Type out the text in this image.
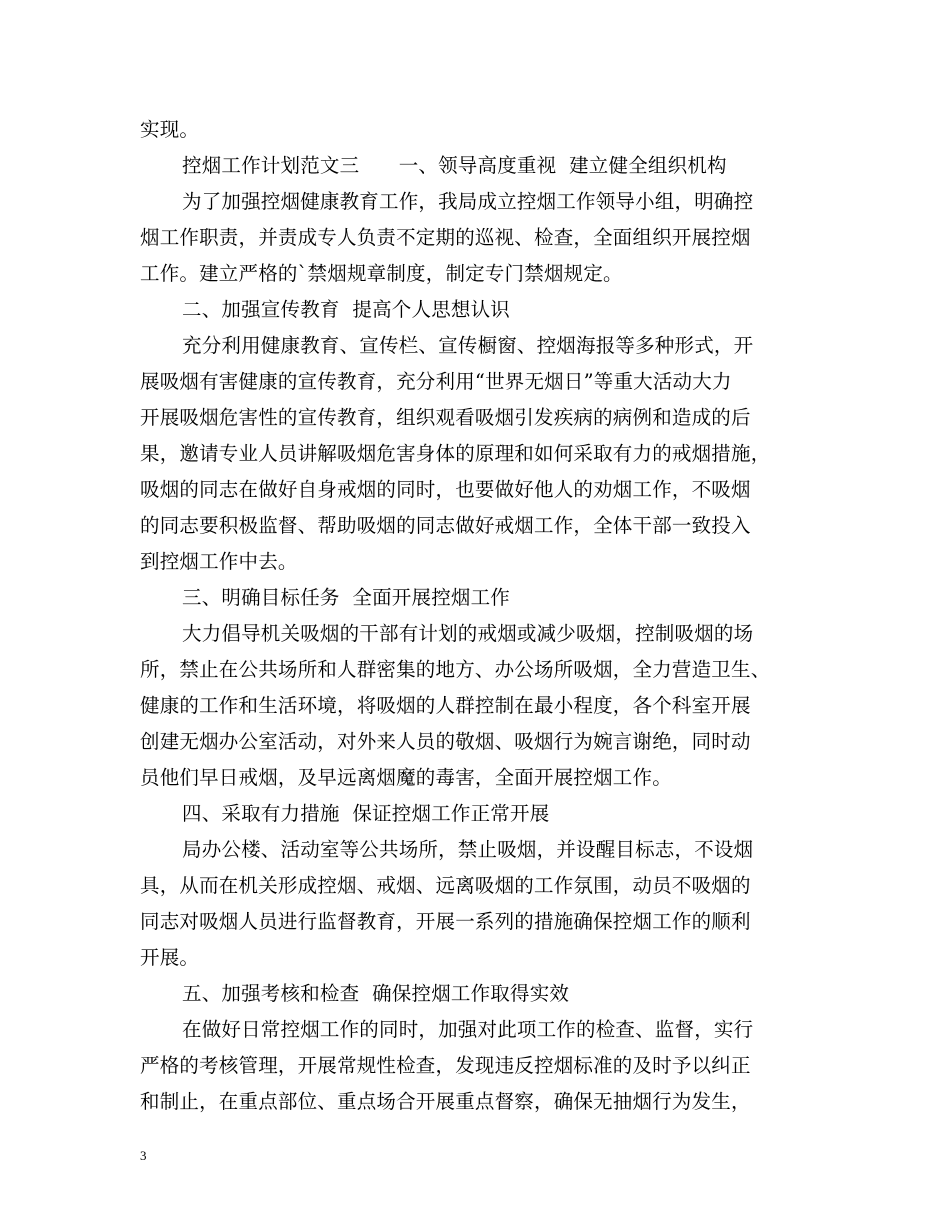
实现。
控烟工作计划范文三　　一、领导高度重视  建立健全组织机构
为了加强控烟健康教育工作，我局成立控烟工作领导小组，明确控
烟工作职责，并责成专人负责不定期的巡视、检查，全面组织开展控烟
工作。建立严格的`禁烟规章制度，制定专门禁烟规定。
二、加强宣传教育  提高个人思想认识
充分利用健康教育、宣传栏、宣传橱窗、控烟海报等多种形式，开
展吸烟有害健康的宣传教育，充分利用“世界无烟日”等重大活动大力
开展吸烟危害性的宣传教育，组织观看吸烟引发疾病的病例和造成的后
果，邀请专业人员讲解吸烟危害身体的原理和如何采取有力的戒烟措施，
吸烟的同志在做好自身戒烟的同时，也要做好他人的劝烟工作，不吸烟
的同志要积极监督、帮助吸烟的同志做好戒烟工作，全体干部一致投入
到控烟工作中去。
三、明确目标任务  全面开展控烟工作
大力倡导机关吸烟的干部有计划的戒烟或减少吸烟，控制吸烟的场
所，禁止在公共场所和人群密集的地方、办公场所吸烟，全力营造卫生、
健康的工作和生活环境，将吸烟的人群控制在最小程度，各个科室开展
创建无烟办公室活动，对外来人员的敬烟、吸烟行为婉言谢绝，同时动
员他们早日戒烟，及早远离烟魔的毒害，全面开展控烟工作。
四、采取有力措施  保证控烟工作正常开展
局办公楼、活动室等公共场所，禁止吸烟，并设醒目标志，不设烟
具，从而在机关形成控烟、戒烟、远离吸烟的工作氛围，动员不吸烟的
同志对吸烟人员进行监督教育，开展一系列的措施确保控烟工作的顺利
开展。
五、加强考核和检查  确保控烟工作取得实效
在做好日常控烟工作的同时，加强对此项工作的检查、监督，实行
严格的考核管理，开展常规性检查，发现违反控烟标准的及时予以纠正
和制止，在重点部位、重点场合开展重点督察，确保无抽烟行为发生，
3
